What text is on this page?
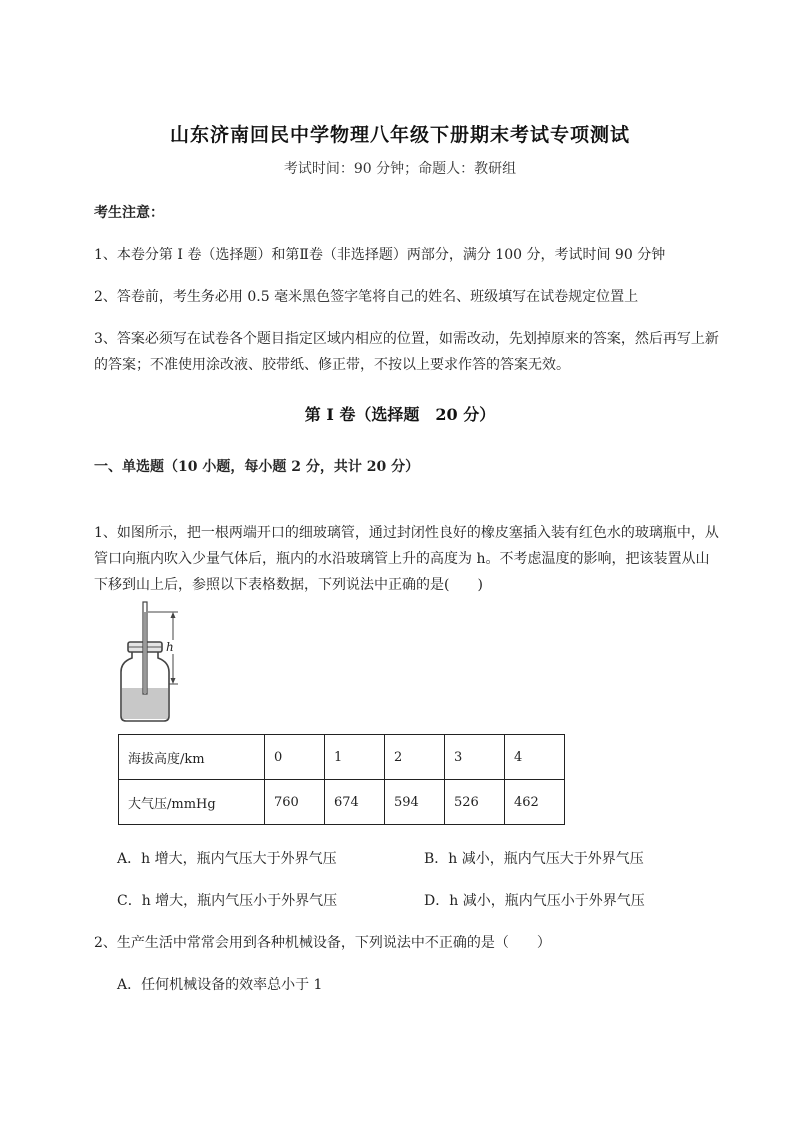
山东济南回民中学物理八年级下册期末考试专项测试
考试时间：90 分钟；命题人：教研组
考生注意：
1、本卷分第 I 卷（选择题）和第Ⅱ卷（非选择题）两部分，满分 100 分，考试时间 90 分钟
2、答卷前，考生务必用 0.5 毫米黑色签字笔将自己的姓名、班级填写在试卷规定位置上
3、答案必须写在试卷各个题目指定区域内相应的位置，如需改动，先划掉原来的答案，然后再写上新
的答案；不准使用涂改液、胶带纸、修正带，不按以上要求作答的答案无效。
第 I 卷（选择题　20 分）
一、单选题（10 小题，每小题 2 分，共计 20 分）
1、如图所示，把一根两端开口的细玻璃管，通过封闭性良好的橡皮塞插入装有红色水的玻璃瓶中，从
管口向瓶内吹入少量气体后，瓶内的水沿玻璃管上升的高度为 h。不考虑温度的影响，把该装置从山
下移到山上后，参照以下表格数据，下列说法中正确的是(　　)
h
海拔高度/km	0	1	2	3	4
大气压/mmHg	760	674	594	526	462
A．h 增大，瓶内气压大于外界气压	B．h 减小，瓶内气压大于外界气压
C．h 增大，瓶内气压小于外界气压	D．h 减小，瓶内气压小于外界气压
2、生产生活中常常会用到各种机械设备，下列说法中不正确的是（　　）
A．任何机械设备的效率总小于 1
